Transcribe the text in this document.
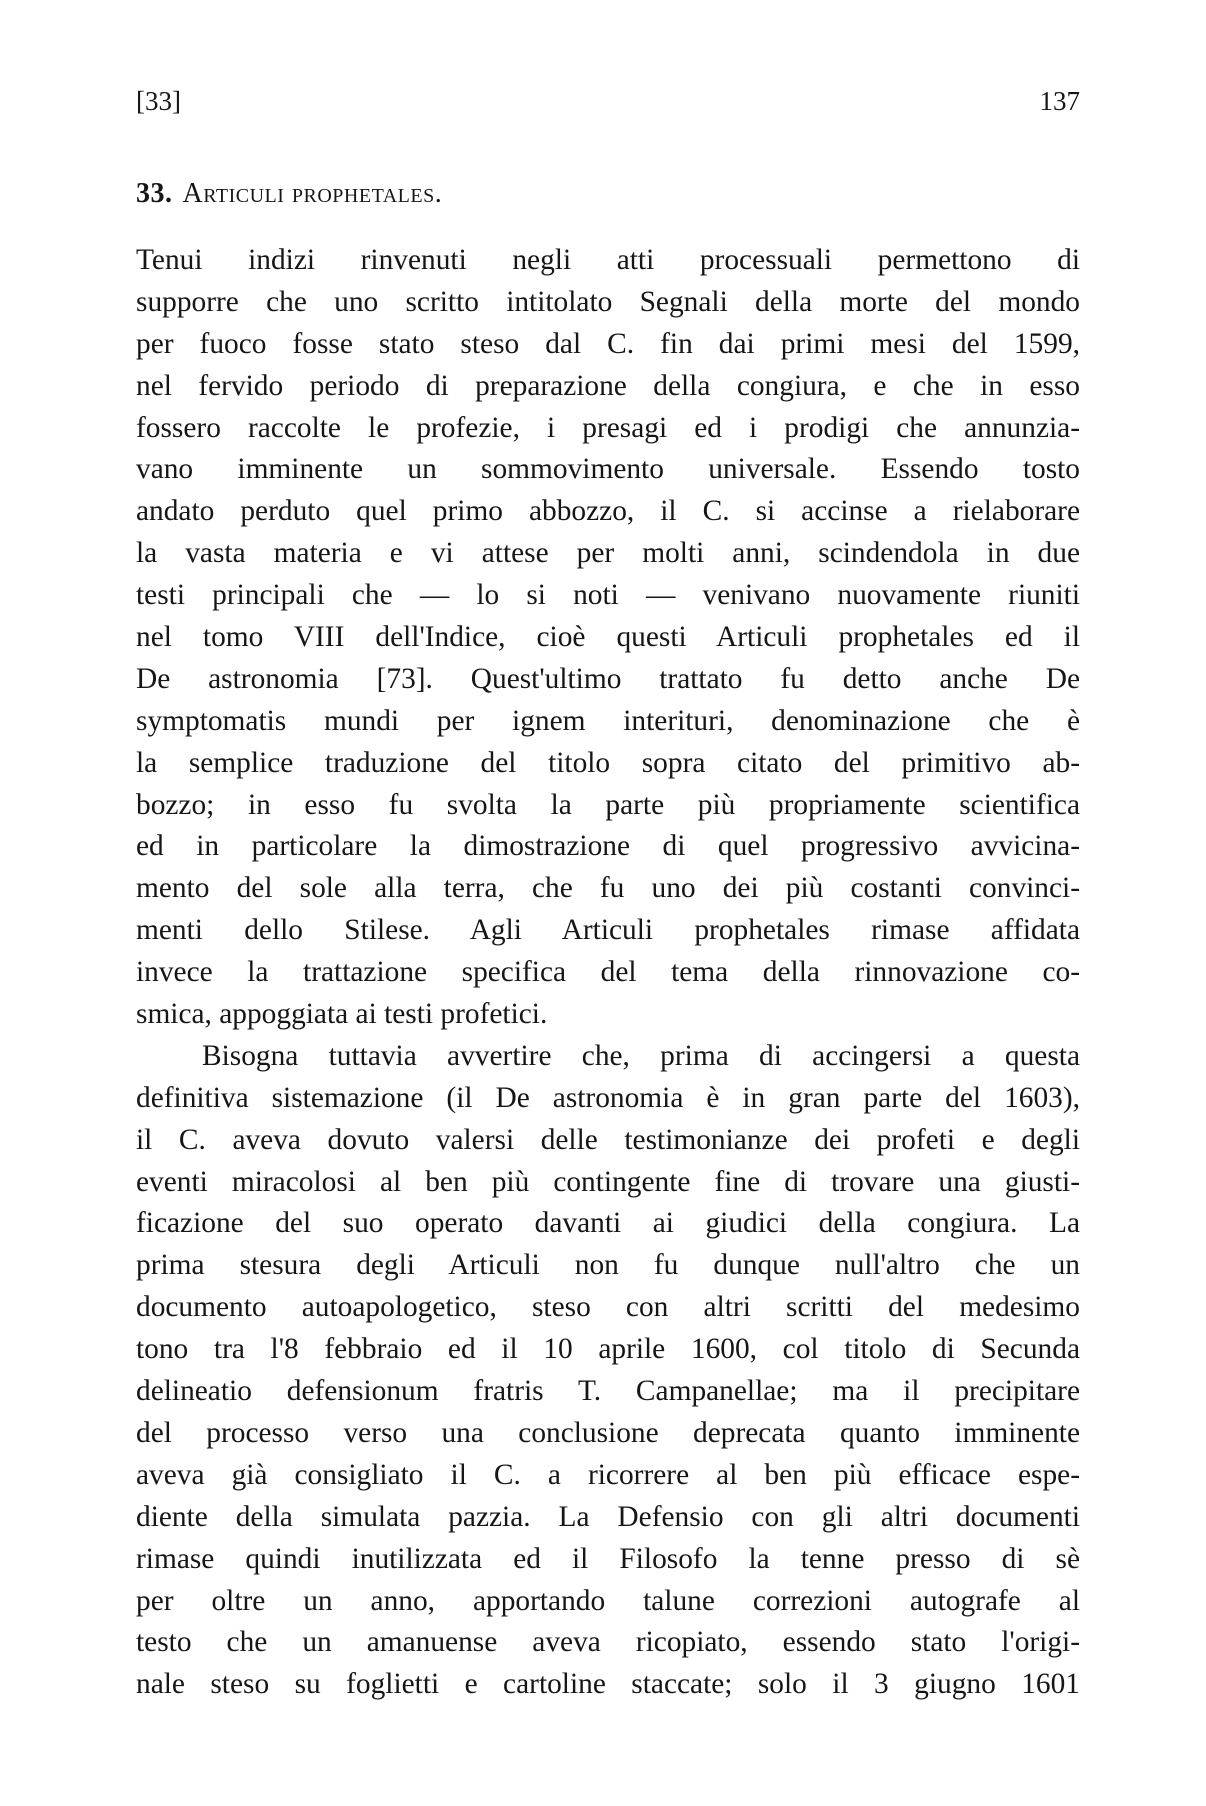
[33]	137
33. Articuli prophetales.
Tenui indizi rinvenuti negli atti processuali permettono di
supporre che uno scritto intitolato Segnali della morte del mondo
per fuoco fosse stato steso dal C. fin dai primi mesi del 1599,
nel fervido periodo di preparazione della congiura, e che in esso
fossero raccolte le profezie, i presagi ed i prodigi che annunzia-
vano imminente un sommovimento universale. Essendo tosto
andato perduto quel primo abbozzo, il C. si accinse a rielaborare
la vasta materia e vi attese per molti anni, scindendola in due
testi principali che — lo si noti — venivano nuovamente riuniti
nel tomo VIII dell'Indice, cioè questi Articuli prophetales ed il
De astronomia [73]. Quest'ultimo trattato fu detto anche De
symptomatis mundi per ignem interituri, denominazione che è
la semplice traduzione del titolo sopra citato del primitivo ab-
bozzo; in esso fu svolta la parte più propriamente scientifica
ed in particolare la dimostrazione di quel progressivo avvicina-
mento del sole alla terra, che fu uno dei più costanti convinci-
menti dello Stilese. Agli Articuli prophetales rimase affidata
invece la trattazione specifica del tema della rinnovazione co-
smica, appoggiata ai testi profetici.
Bisogna tuttavia avvertire che, prima di accingersi a questa
definitiva sistemazione (il De astronomia è in gran parte del 1603),
il C. aveva dovuto valersi delle testimonianze dei profeti e degli
eventi miracolosi al ben più contingente fine di trovare una giusti-
ficazione del suo operato davanti ai giudici della congiura. La
prima stesura degli Articuli non fu dunque null'altro che un
documento autoapologetico, steso con altri scritti del medesimo
tono tra l'8 febbraio ed il 10 aprile 1600, col titolo di Secunda
delineatio defensionum fratris T. Campanellae; ma il precipitare
del processo verso una conclusione deprecata quanto imminente
aveva già consigliato il C. a ricorrere al ben più efficace espe-
diente della simulata pazzia. La Defensio con gli altri documenti
rimase quindi inutilizzata ed il Filosofo la tenne presso di sè
per oltre un anno, apportando talune correzioni autografe al
testo che un amanuense aveva ricopiato, essendo stato l'origi-
nale steso su foglietti e cartoline staccate; solo il 3 giugno 1601
